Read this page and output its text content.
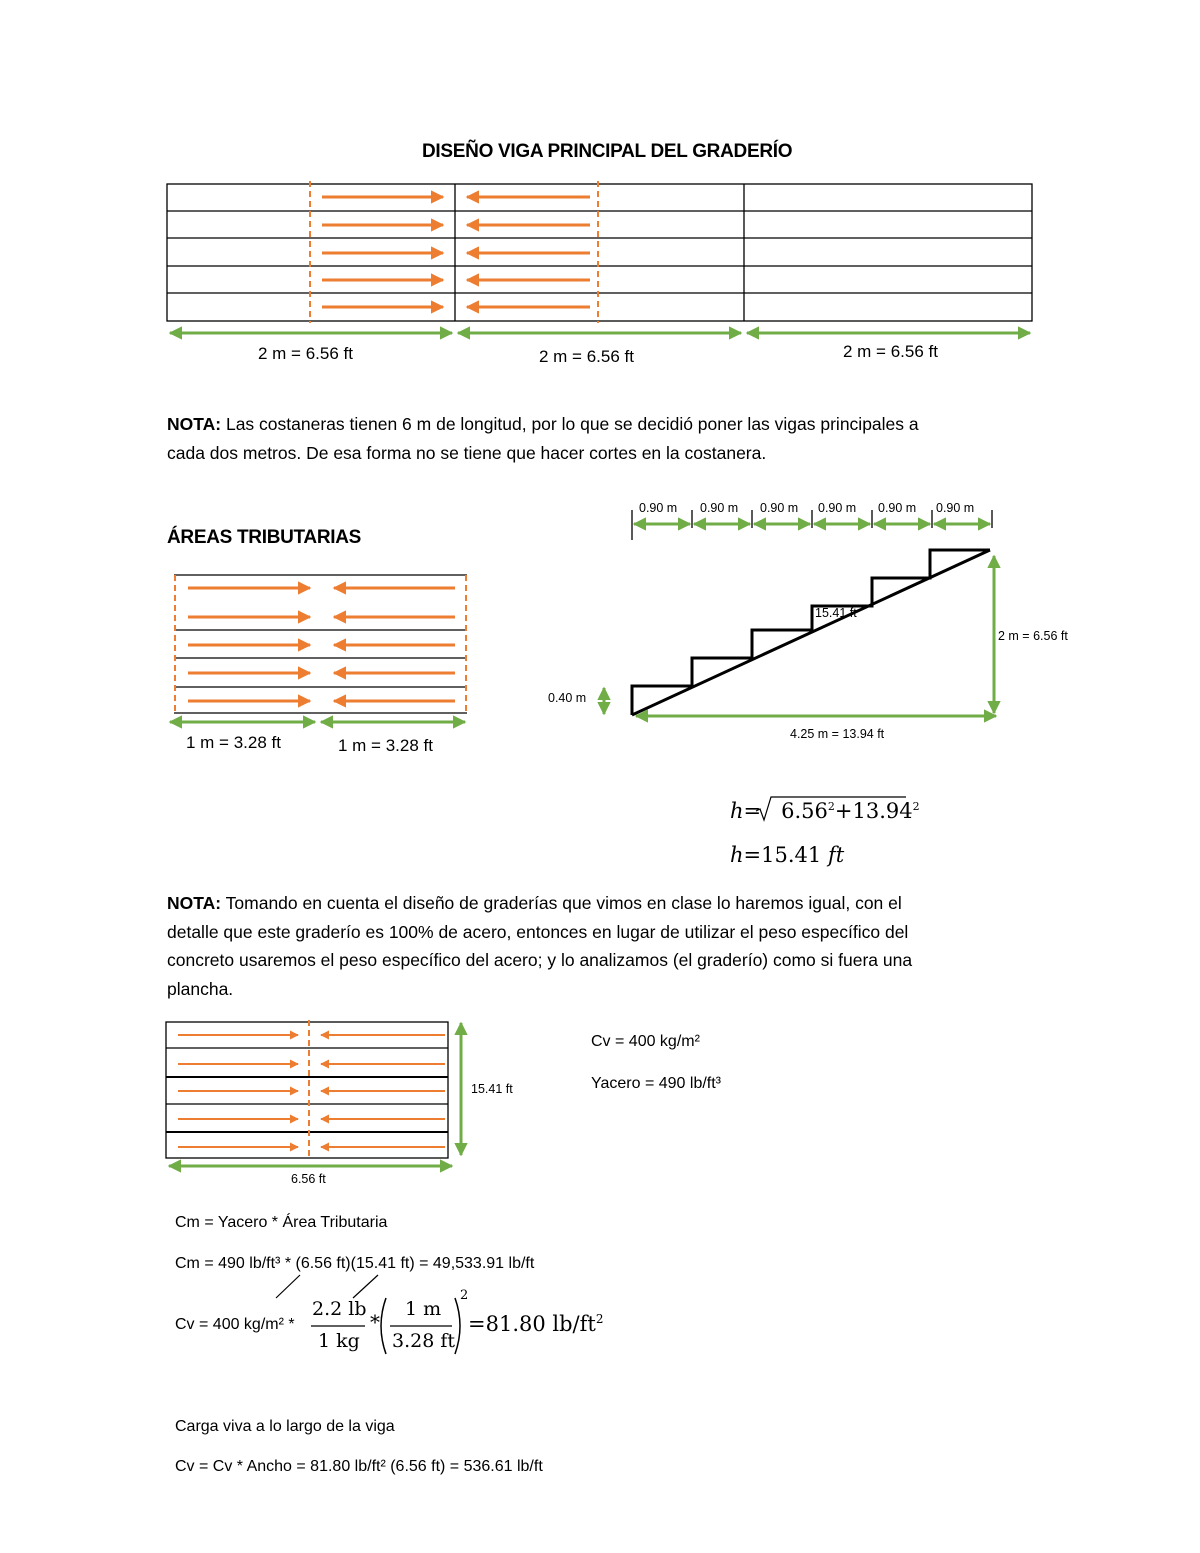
DISEÑO VIGA PRINCIPAL DEL GRADERÍO
2 m = 6.56 ft	2 m = 6.56 ft	2 m = 6.56 ft
NOTA: Las costaneras tienen 6 m de longitud, por lo que se decidió poner las vigas principales a
cada dos metros. De esa forma no se tiene que hacer cortes en la costanera.
ÁREAS TRIBUTARIAS
1 m = 3.28 ft	1 m = 3.28 ft
0.90 m 0.90 m 0.90 m 0.90 m 0.90 m 0.90 m
2 m = 6.56 ft
0.40 m
4.25 m = 13.94 ft
15.41 ft
$h= 6.56^2+13.94^2$
h=15.41 ft
NOTA: Tomando en cuenta el diseño de graderías que vimos en clase lo haremos igual, con el
detalle que este graderío es 100% de acero, entonces en lugar de utilizar el peso específico del
concreto usaremos el peso específico del acero; y lo analizamos (el graderío) como si fuera una
plancha.
6.56 ft
15.41 ft
Cv = 400 kg/m²
Yacero = 490 lb/ft³
Cm = Yacero * Área Tributaria
Cm = 490 lb/ft³ * (6.56 ft)(15.41 ft) = 49,533.91 lb/ft
Cv = 400 kg/m² *
2.2 lb
1 kg
*
1 m
3.28 ft
2
=81.80 $lb/ft^2$
Carga viva a lo largo de la viga
Cv = Cv * Ancho = 81.80 lb/ft² (6.56 ft) = 536.61 lb/ft
